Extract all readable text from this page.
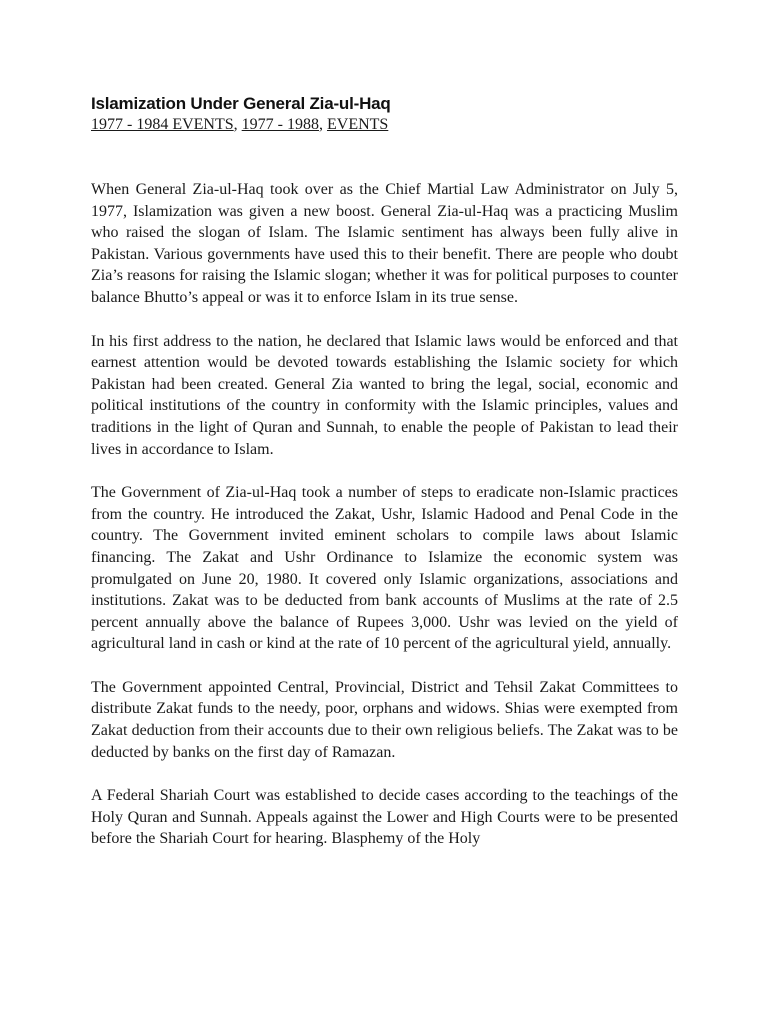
Islamization Under General Zia-ul-Haq
1977 - 1984 EVENTS, 1977 - 1988, EVENTS

When General Zia-ul-Haq took over as the Chief Martial Law Administrator on July 5, 1977, Islamization was given a new boost. General Zia-ul-Haq was a practicing Muslim who raised the slogan of Islam. The Islamic sentiment has always been fully alive in Pakistan. Various governments have used this to their benefit. There are people who doubt Zia’s reasons for raising the Islamic slogan; whether it was for political purposes to counter balance Bhutto’s appeal or was it to enforce Islam in its true sense.

In his first address to the nation, he declared that Islamic laws would be enforced and that earnest attention would be devoted towards establishing the Islamic society for which Pakistan had been created. General Zia wanted to bring the legal, social, economic and political institutions of the country in conformity with the Islamic principles, values and traditions in the light of Quran and Sunnah, to enable the people of Pakistan to lead their lives in accordance to Islam.

The Government of Zia-ul-Haq took a number of steps to eradicate non-Islamic practices from the country. He introduced the Zakat, Ushr, Islamic Hadood and Penal Code in the country. The Government invited eminent scholars to compile laws about Islamic financing. The Zakat and Ushr Ordinance to Islamize the economic system was promulgated on June 20, 1980. It covered only Islamic organizations, associations and institutions. Zakat was to be deducted from bank accounts of Muslims at the rate of 2.5 percent annually above the balance of Rupees 3,000. Ushr was levied on the yield of agricultural land in cash or kind at the rate of 10 percent of the agricultural yield, annually.

The Government appointed Central, Provincial, District and Tehsil Zakat Committees to distribute Zakat funds to the needy, poor, orphans and widows. Shias were exempted from Zakat deduction from their accounts due to their own religious beliefs. The Zakat was to be deducted by banks on the first day of Ramazan.

A Federal Shariah Court was established to decide cases according to the teachings of the Holy Quran and Sunnah. Appeals against the Lower and High Courts were to be presented before the Shariah Court for hearing. Blasphemy of the Holy
